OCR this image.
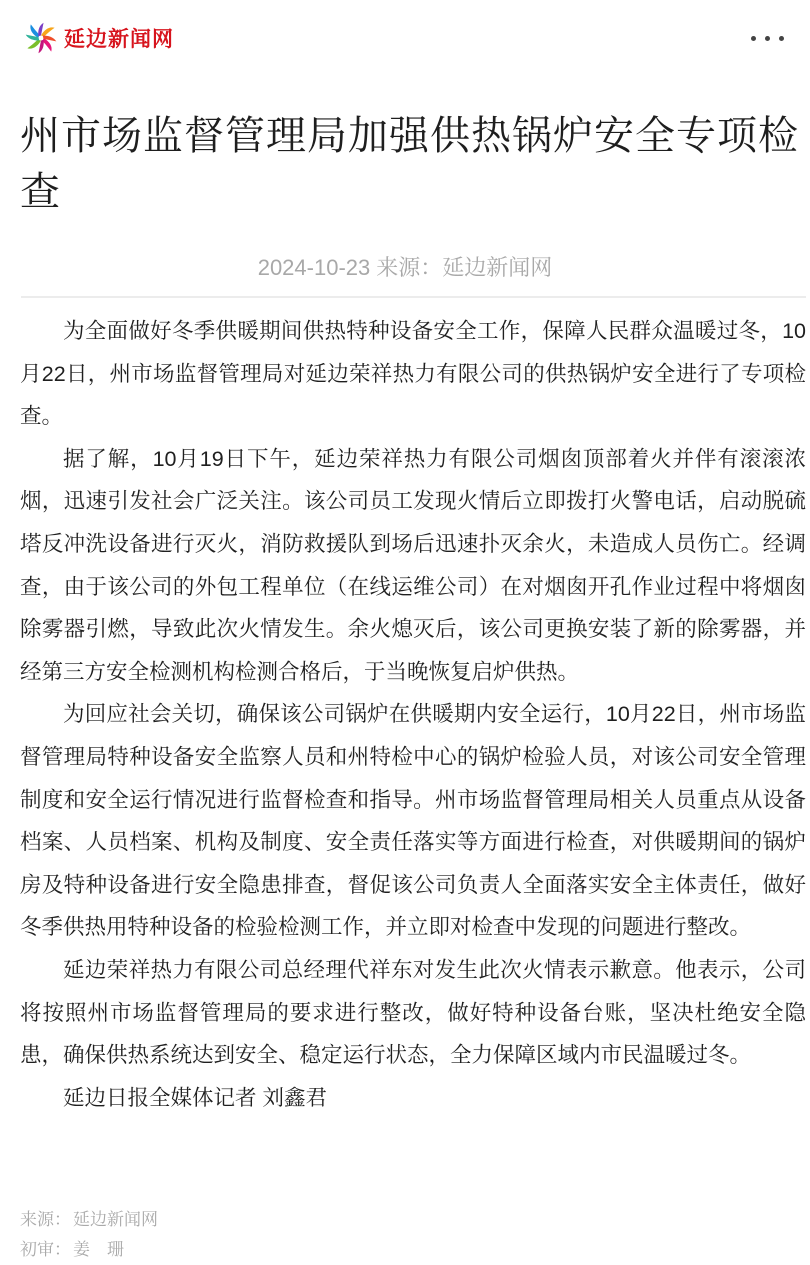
延边新闻网
州市场监督管理局加强供热锅炉安全专项检查
2024-10-23 来源：延边新闻网

为全面做好冬季供暖期间供热特种设备安全工作，保障人民群众温暖过冬，10月22日，州市场监督管理局对延边荣祥热力有限公司的供热锅炉安全进行了专项检查。

据了解，10月19日下午，延边荣祥热力有限公司烟囱顶部着火并伴有滚滚浓烟，迅速引发社会广泛关注。该公司员工发现火情后立即拨打火警电话，启动脱硫塔反冲洗设备进行灭火，消防救援队到场后迅速扑灭余火，未造成人员伤亡。经调查，由于该公司的外包工程单位（在线运维公司）在对烟囱开孔作业过程中将烟囱除雾器引燃，导致此次火情发生。余火熄灭后，该公司更换安装了新的除雾器，并经第三方安全检测机构检测合格后，于当晚恢复启炉供热。

为回应社会关切，确保该公司锅炉在供暖期内安全运行，10月22日，州市场监督管理局特种设备安全监察人员和州特检中心的锅炉检验人员，对该公司安全管理制度和安全运行情况进行监督检查和指导。州市场监督管理局相关人员重点从设备档案、人员档案、机构及制度、安全责任落实等方面进行检查，对供暖期间的锅炉房及特种设备进行安全隐患排查，督促该公司负责人全面落实安全主体责任，做好冬季供热用特种设备的检验检测工作，并立即对检查中发现的问题进行整改。

延边荣祥热力有限公司总经理代祥东对发生此次火情表示歉意。他表示，公司将按照州市场监督管理局的要求进行整改，做好特种设备台账，坚决杜绝安全隐患，确保供热系统达到安全、稳定运行状态，全力保障区域内市民温暖过冬。

延边日报全媒体记者 刘鑫君

来源： 延边新闻网
初审： 姜　珊
